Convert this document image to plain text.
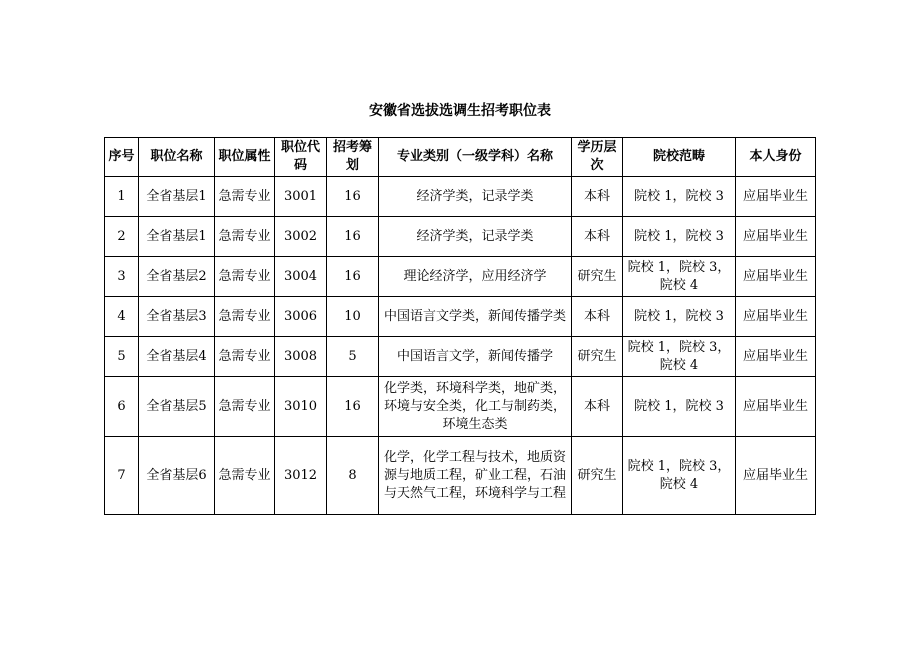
安徽省选拔选调生招考职位表
序号	职位名称	职位属性	职位代码	招考筹划	专业类别（一级学科）名称	学历层次	院校范畴	本人身份
1	全省基层1	急需专业	3001	16	经济学类，记录学类	本科	院校 1，院校 3	应届毕业生
2	全省基层1	急需专业	3002	16	经济学类，记录学类	本科	院校 1，院校 3	应届毕业生
3	全省基层2	急需专业	3004	16	理论经济学，应用经济学	研究生	院校 1，院校 3，院校 4	应届毕业生
4	全省基层3	急需专业	3006	10	中国语言文学类，新闻传播学类	本科	院校 1，院校 3	应届毕业生
5	全省基层4	急需专业	3008	5	中国语言文学，新闻传播学	研究生	院校 1，院校 3，院校 4	应届毕业生
6	全省基层5	急需专业	3010	16	化学类，环境科学类，地矿类，环境与安全类，化工与制药类，环境生态类	本科	院校 1，院校 3	应届毕业生
7	全省基层6	急需专业	3012	8	化学，化学工程与技术，地质资源与地质工程，矿业工程，石油与天然气工程，环境科学与工程	研究生	院校 1，院校 3，院校 4	应届毕业生
